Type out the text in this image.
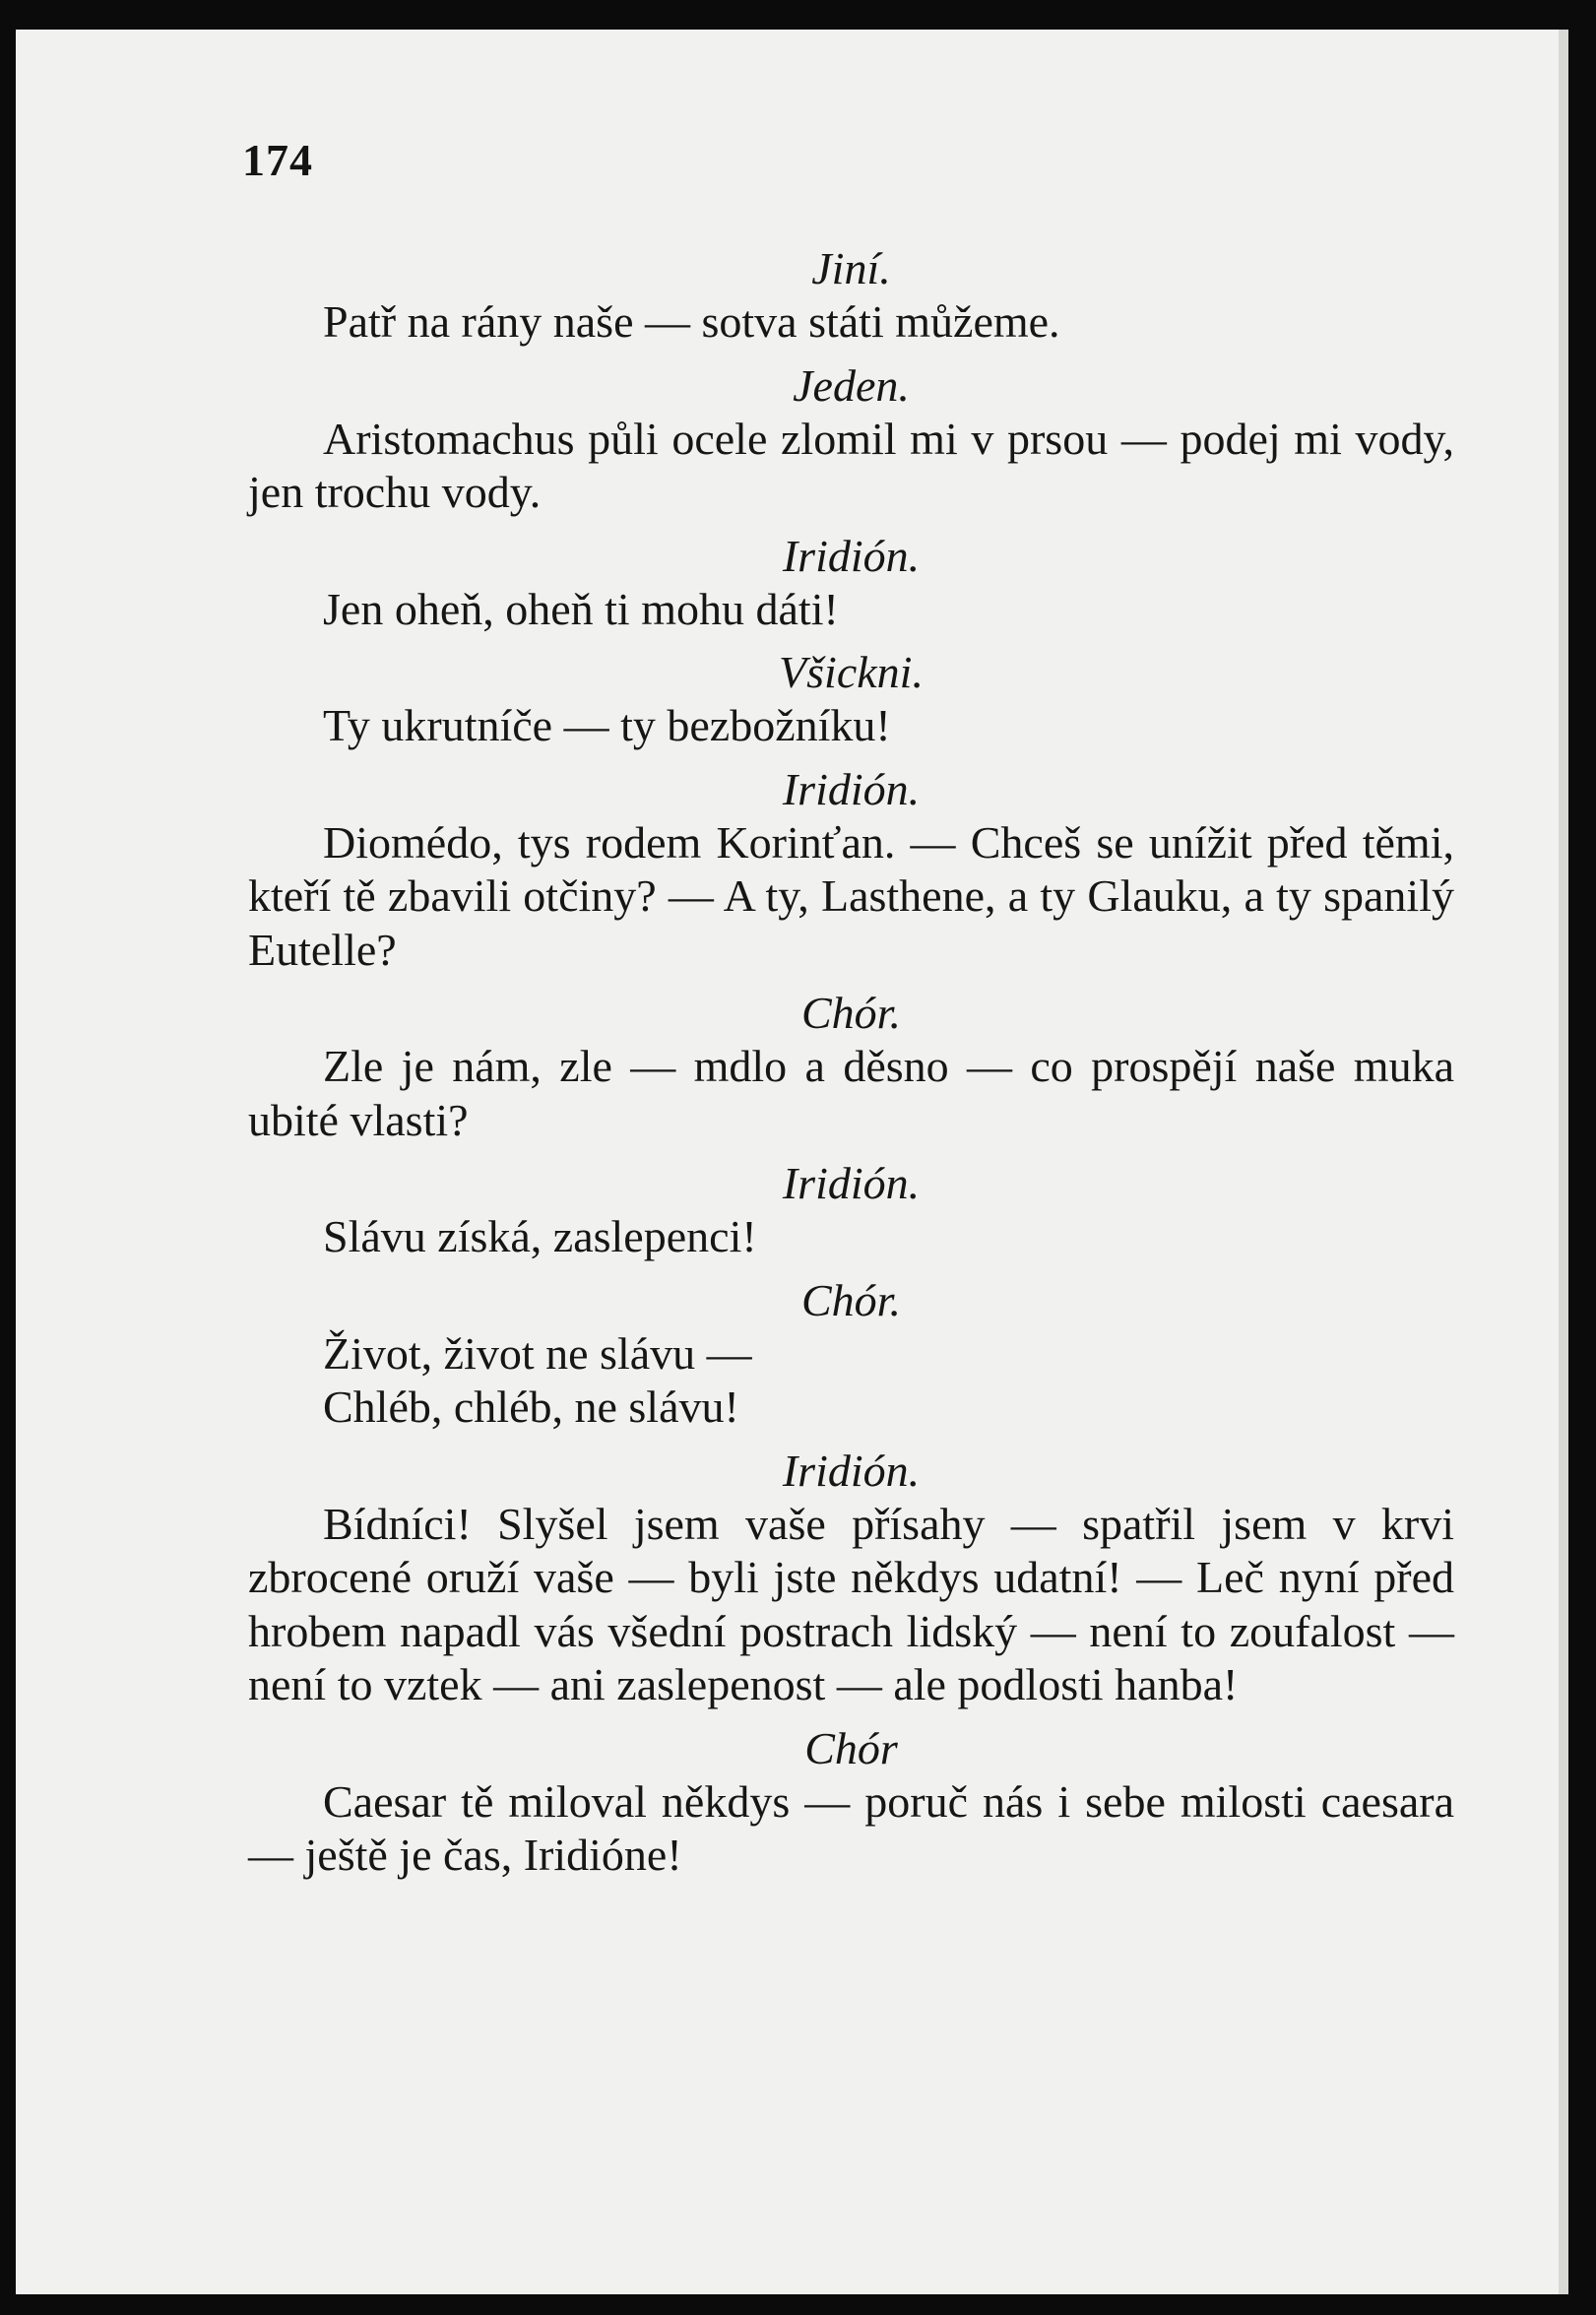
174

Jiní.

Patř na rány naše — sotva státi můžeme.

Jeden.

Aristomachus půli ocele zlomil mi v prsou — podej mi vody, jen trochu vody.

Iridión.

Jen oheň, oheň ti mohu dáti!

Všickni.

Ty ukrutníče — ty bezbožníku!

Iridión.

Diomédo, tys rodem Korinťan. — Chceš se unížit před těmi, kteří tě zbavili otčiny? — A ty, Lasthene, a ty Glauku, a ty spanilý Eutelle?

Chór.

Zle je nám, zle — mdlo a děsno — co prospějí naše muka ubité vlasti?

Iridión.

Slávu získá, zaslepenci!

Chór.

Život, život ne slávu —
Chléb, chléb, ne slávu!

Iridión.

Bídníci! Slyšel jsem vaše přísahy — spatřil jsem v krvi zbrocené oruží vaše — byli jste někdys udatní! — Leč nyní před hrobem napadl vás všední postrach lidský — není to zoufalost — není to vztek — ani zaslepenost — ale podlosti hanba!

Chór

Caesar tě miloval někdys — poruč nás i sebe milosti caesara — ještě je čas, Iridióne!
